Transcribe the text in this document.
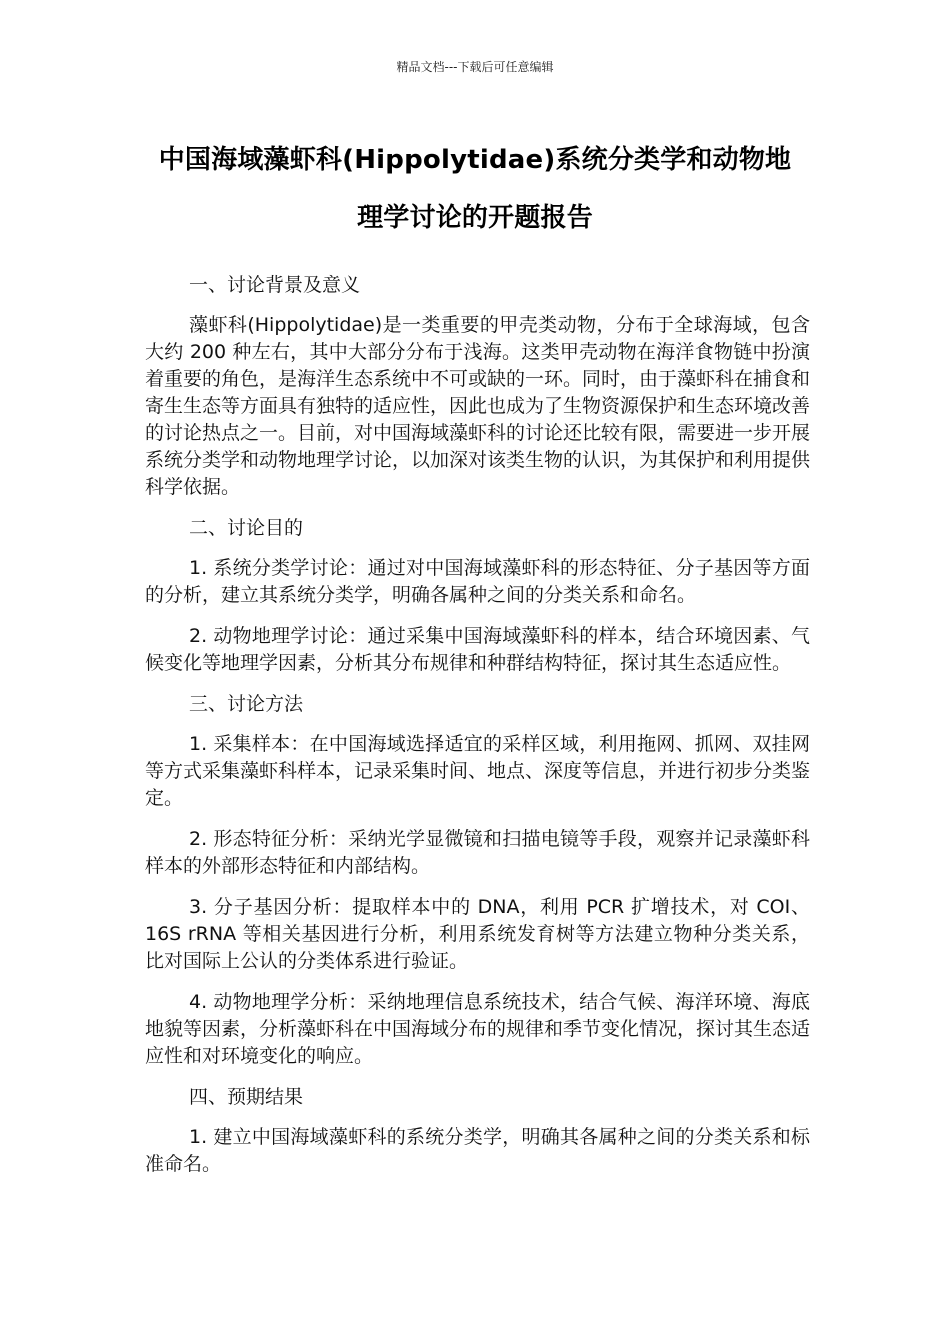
精品文档---下载后可任意编辑
中国海域藻虾科(Hippolytidae)系统分类学和动物地
理学讨论的开题报告

一、讨论背景及意义

藻虾科(Hippolytidae)是一类重要的甲壳类动物，分布于全球海域，包含大约 200 种左右，其中大部分分布于浅海。这类甲壳动物在海洋食物链中扮演着重要的角色，是海洋生态系统中不可或缺的一环。同时，由于藻虾科在捕食和寄生生态等方面具有独特的适应性，因此也成为了生物资源保护和生态环境改善的讨论热点之一。目前，对中国海域藻虾科的讨论还比较有限，需要进一步开展系统分类学和动物地理学讨论，以加深对该类生物的认识，为其保护和利用提供科学依据。

二、讨论目的

1. 系统分类学讨论：通过对中国海域藻虾科的形态特征、分子基因等方面的分析，建立其系统分类学，明确各属种之间的分类关系和命名。

2. 动物地理学讨论：通过采集中国海域藻虾科的样本，结合环境因素、气候变化等地理学因素，分析其分布规律和种群结构特征，探讨其生态适应性。

三、讨论方法

1. 采集样本：在中国海域选择适宜的采样区域，利用拖网、抓网、双挂网等方式采集藻虾科样本，记录采集时间、地点、深度等信息，并进行初步分类鉴定。

2. 形态特征分析：采纳光学显微镜和扫描电镜等手段，观察并记录藻虾科样本的外部形态特征和内部结构。

3. 分子基因分析：提取样本中的 DNA，利用 PCR 扩增技术，对 COI、16S rRNA 等相关基因进行分析，利用系统发育树等方法建立物种分类关系，比对国际上公认的分类体系进行验证。

4. 动物地理学分析：采纳地理信息系统技术，结合气候、海洋环境、海底地貌等因素，分析藻虾科在中国海域分布的规律和季节变化情况，探讨其生态适应性和对环境变化的响应。

四、预期结果

1. 建立中国海域藻虾科的系统分类学，明确其各属种之间的分类关系和标准命名。
